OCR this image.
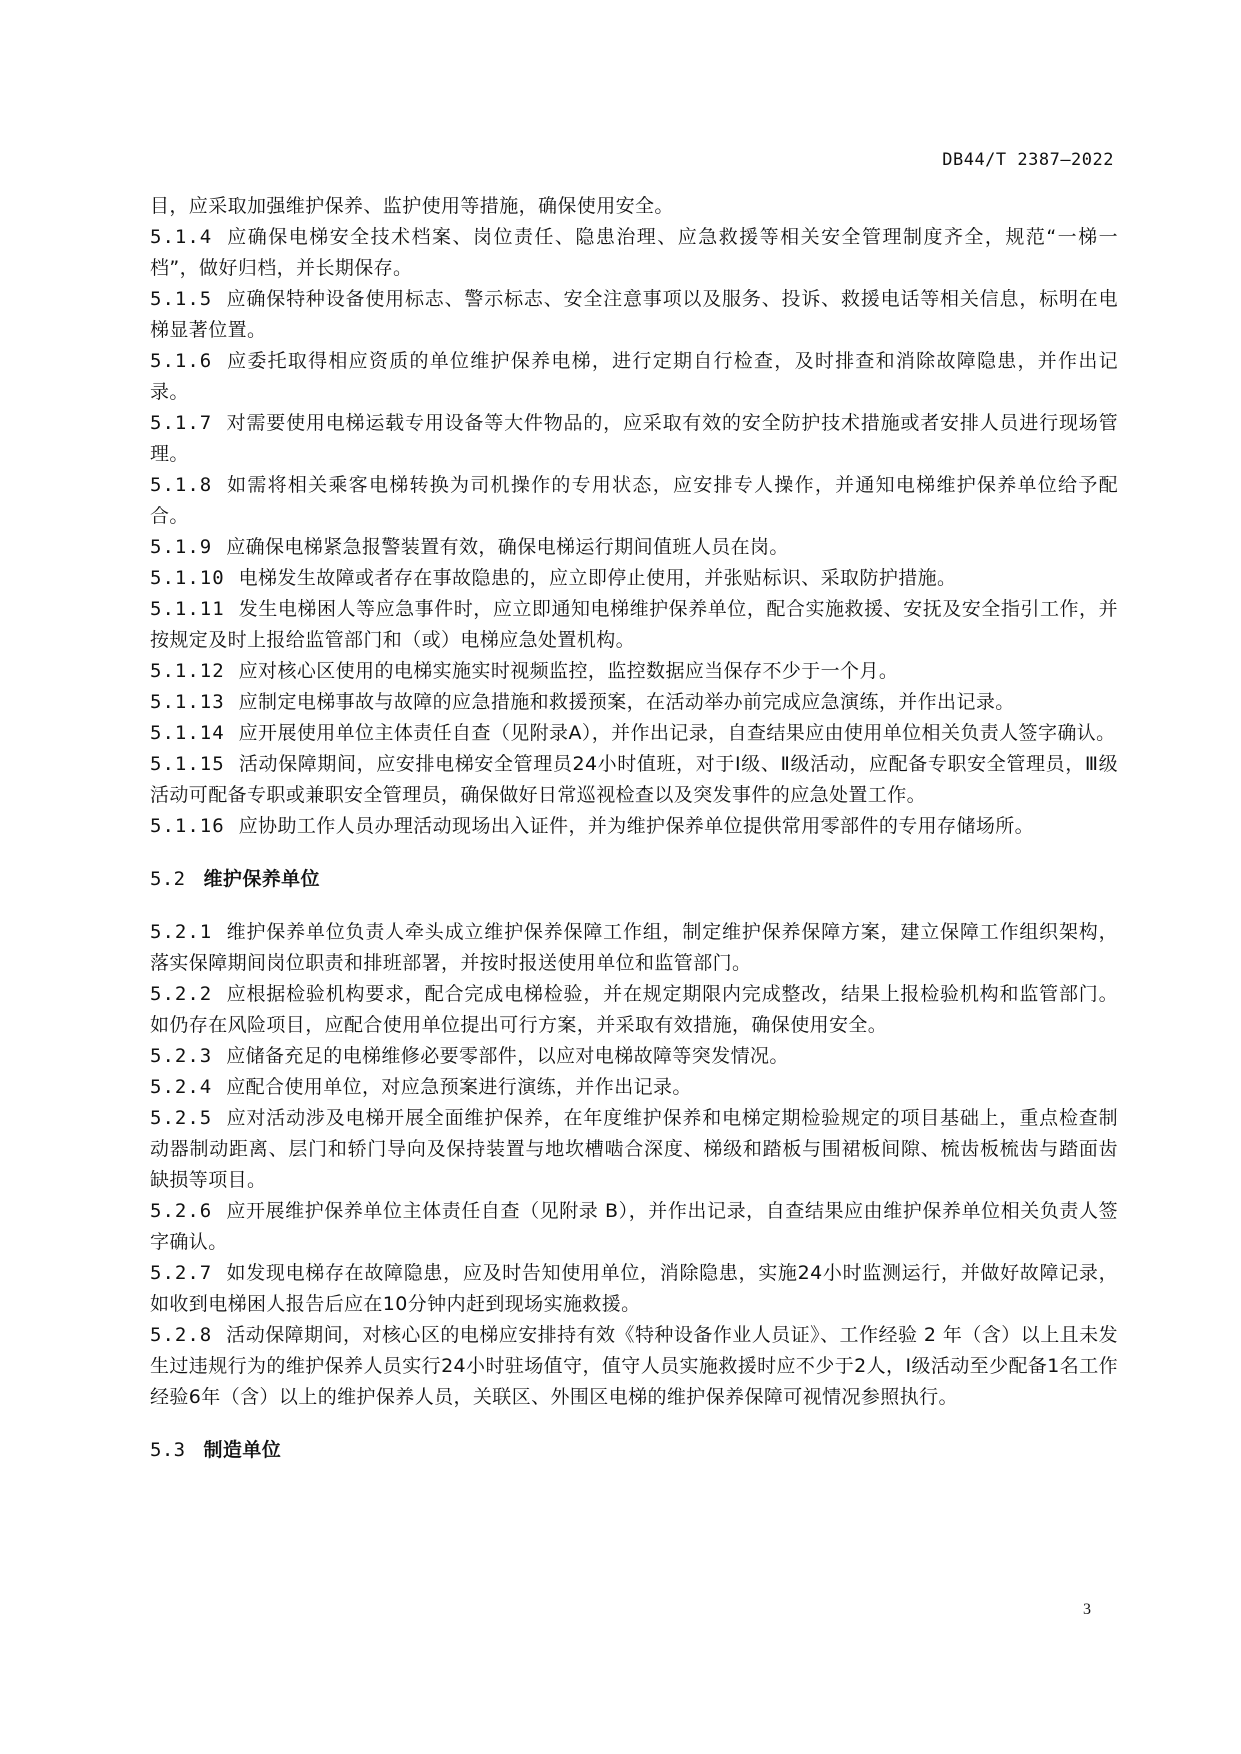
DB44/T 2387—2022

目，应采取加强维护保养、监护使用等措施，确保使用安全。

5.1.4 应确保电梯安全技术档案、岗位责任、隐患治理、应急救援等相关安全管理制度齐全，规范“一梯一档”，做好归档，并长期保存。

5.1.5 应确保特种设备使用标志、警示标志、安全注意事项以及服务、投诉、救援电话等相关信息，标明在电梯显著位置。

5.1.6 应委托取得相应资质的单位维护保养电梯，进行定期自行检查，及时排查和消除故障隐患，并作出记录。

5.1.7 对需要使用电梯运载专用设备等大件物品的，应采取有效的安全防护技术措施或者安排人员进行现场管理。

5.1.8 如需将相关乘客电梯转换为司机操作的专用状态，应安排专人操作，并通知电梯维护保养单位给予配合。

5.1.9 应确保电梯紧急报警装置有效，确保电梯运行期间值班人员在岗。

5.1.10 电梯发生故障或者存在事故隐患的，应立即停止使用，并张贴标识、采取防护措施。

5.1.11 发生电梯困人等应急事件时，应立即通知电梯维护保养单位，配合实施救援、安抚及安全指引工作，并按规定及时上报给监管部门和（或）电梯应急处置机构。

5.1.12 应对核心区使用的电梯实施实时视频监控，监控数据应当保存不少于一个月。

5.1.13 应制定电梯事故与故障的应急措施和救援预案，在活动举办前完成应急演练，并作出记录。

5.1.14 应开展使用单位主体责任自查（见附录A），并作出记录，自查结果应由使用单位相关负责人签字确认。

5.1.15 活动保障期间，应安排电梯安全管理员24小时值班，对于Ⅰ级、Ⅱ级活动，应配备专职安全管理员，Ⅲ级活动可配备专职或兼职安全管理员，确保做好日常巡视检查以及突发事件的应急处置工作。

5.1.16 应协助工作人员办理活动现场出入证件，并为维护保养单位提供常用零部件的专用存储场所。

5.2 维护保养单位

5.2.1 维护保养单位负责人牵头成立维护保养保障工作组，制定维护保养保障方案，建立保障工作组织架构，落实保障期间岗位职责和排班部署，并按时报送使用单位和监管部门。

5.2.2 应根据检验机构要求，配合完成电梯检验，并在规定期限内完成整改，结果上报检验机构和监管部门。如仍存在风险项目，应配合使用单位提出可行方案，并采取有效措施，确保使用安全。

5.2.3 应储备充足的电梯维修必要零部件，以应对电梯故障等突发情况。

5.2.4 应配合使用单位，对应急预案进行演练，并作出记录。

5.2.5 应对活动涉及电梯开展全面维护保养，在年度维护保养和电梯定期检验规定的项目基础上，重点检查制动器制动距离、层门和轿门导向及保持装置与地坎槽啮合深度、梯级和踏板与围裙板间隙、梳齿板梳齿与踏面齿缺损等项目。

5.2.6 应开展维护保养单位主体责任自查（见附录 B），并作出记录，自查结果应由维护保养单位相关负责人签字确认。

5.2.7 如发现电梯存在故障隐患，应及时告知使用单位，消除隐患，实施24小时监测运行，并做好故障记录，如收到电梯困人报告后应在10分钟内赶到现场实施救援。

5.2.8 活动保障期间，对核心区的电梯应安排持有效《特种设备作业人员证》、工作经验 2 年（含）以上且未发生过违规行为的维护保养人员实行24小时驻场值守，值守人员实施救援时应不少于2人，Ⅰ级活动至少配备1名工作经验6年（含）以上的维护保养人员，关联区、外围区电梯的维护保养保障可视情况参照执行。

5.3 制造单位
3
